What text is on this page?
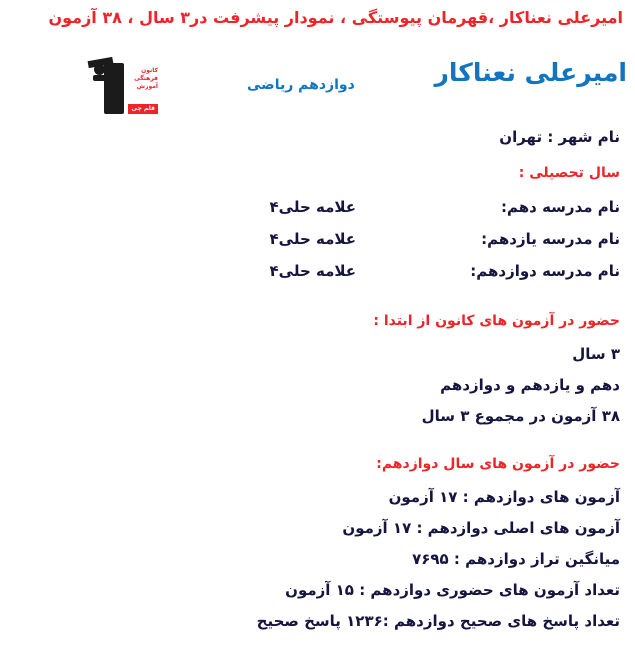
امیرعلی نعناکار ،قهرمان پیوستگی ، نمودار پیشرفت در۳ سال ، ۳۸ آزمون
کانون
فرهنگی
آموزش
قلم چی
امیرعلی نعناکار
دوازدهم ریاضی
نام شهر : تهران
سال تحصیلی :
نام مدرسه دهم:
علامه حلی۴
نام مدرسه یازدهم:
علامه حلی۴
نام مدرسه دوازدهم:
علامه حلی۴
حضور در آزمون های کانون از ابتدا :
۳ سال
دهم و یازدهم و دوازدهم
۳۸ آزمون در مجموع ۳ سال
حضور در آزمون های سال دوازدهم:
آزمون های دوازدهم : ۱۷ آزمون
آزمون های اصلی دوازدهم : ۱۷ آزمون
میانگین تراز دوازدهم : ۷۶۹۵
تعداد آزمون های حضوری دوازدهم : ۱۵ آزمون
تعداد پاسخ های صحیح دوازدهم :۱۲۳۶ پاسخ صحیح
